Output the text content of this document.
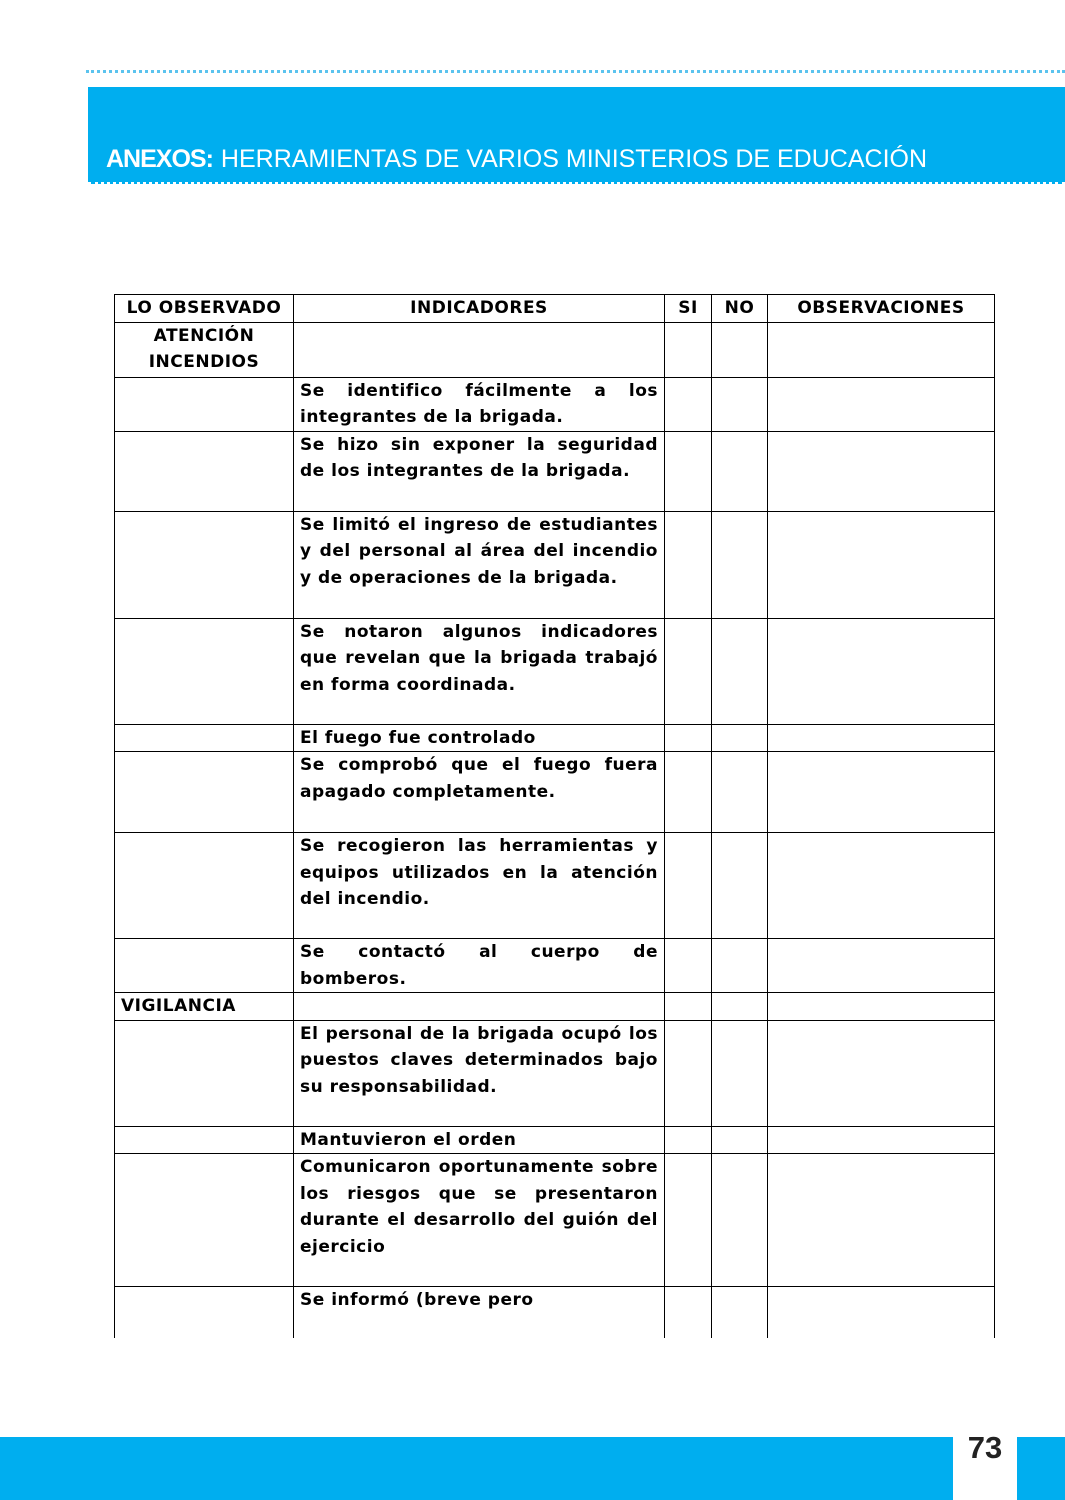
ANEXOS: HERRAMIENTAS DE VARIOS MINISTERIOS DE EDUCACIÓN
LO OBSERVADO	INDICADORES	SI	NO	OBSERVACIONES
ATENCIÓN INCENDIOS				
	Se identifico fácilmente a los integrantes de la brigada.			
	Se hizo sin exponer la seguridad de los integrantes de la brigada.			
	Se limitó el ingreso de estudiantes y del personal al área del incendio y de operaciones de la brigada.			
	Se notaron algunos indicadores que revelan que la brigada trabajó en forma coordinada.			
	El fuego fue controlado			
	Se comprobó que el fuego fuera apagado completamente.			
	Se recogieron las herramientas y equipos utilizados en la atención del incendio.			
	Se contactó al cuerpo de bomberos.			
VIGILANCIA				
	El personal de la brigada ocupó los puestos claves determinados bajo su responsabilidad.			
	Mantuvieron el orden			
	Comunicaron oportunamente sobre los riesgos que se presentaron durante el desarrollo del guión del ejercicio			
	Se informó (breve pero			

73
